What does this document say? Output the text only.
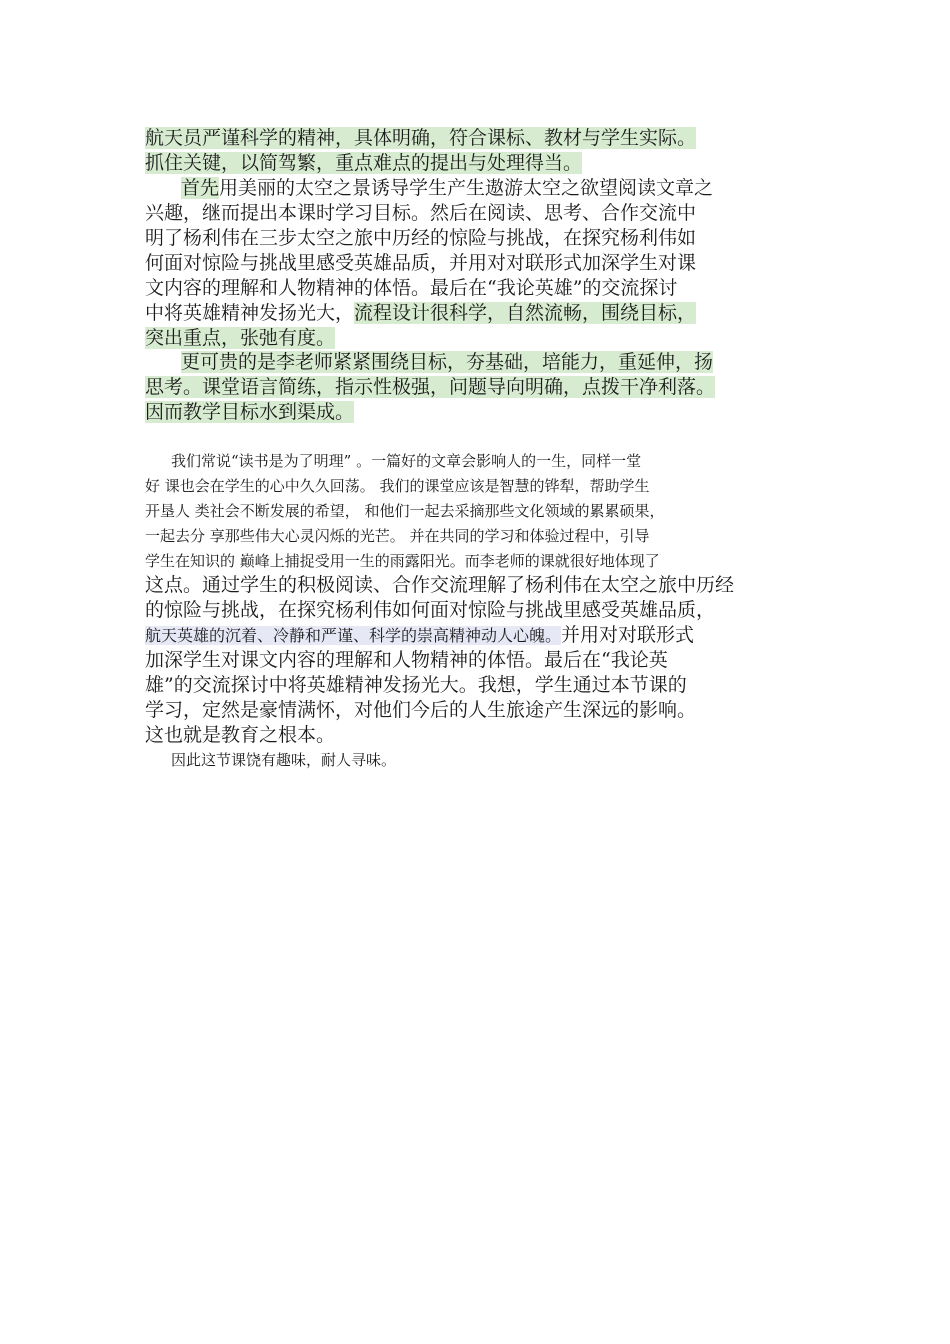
航天员严谨科学的精神，具体明确，符合课标、教材与学生实际。
抓住关键，以简驾繁，重点难点的提出与处理得当。
首先用美丽的太空之景诱导学生产生遨游太空之欲望阅读文章之
兴趣，继而提出本课时学习目标。然后在阅读、思考、合作交流中
明了杨利伟在三步太空之旅中历经的惊险与挑战，在探究杨利伟如
何面对惊险与挑战里感受英雄品质，并用对对联形式加深学生对课
文内容的理解和人物精神的体悟。最后在“我论英雄”的交流探讨
中将英雄精神发扬光大，流程设计很科学，自然流畅，围绕目标，
突出重点，张弛有度。
更可贵的是李老师紧紧围绕目标，夯基础，培能力，重延伸，扬
思考。课堂语言简练，指示性极强，问题导向明确，点拨干净利落。
因而教学目标水到渠成。
我们常说“读书是为了明理” 。一篇好的文章会影响人的一生，同样一堂
好 课也会在学生的心中久久回荡。 我们的课堂应该是智慧的铧犁，帮助学生
开垦人 类社会不断发展的希望， 和他们一起去采摘那些文化领域的累累硕果，
一起去分 享那些伟大心灵闪烁的光芒。 并在共同的学习和体验过程中，引导
学生在知识的 巅峰上捕捉受用一生的雨露阳光。而李老师的课就很好地体现了
这点。通过学生的积极阅读、合作交流理解了杨利伟在太空之旅中历经
的惊险与挑战，在探究杨利伟如何面对惊险与挑战里感受英雄品质，
航天英雄的沉着、冷静和严谨、科学的崇高精神动人心魄。并用对对联形式
加深学生对课文内容的理解和人物精神的体悟。最后在“我论英
雄”的交流探讨中将英雄精神发扬光大。我想，学生通过本节课的
学习，定然是豪情满怀，对他们今后的人生旅途产生深远的影响。
这也就是教育之根本。
因此这节课饶有趣味，耐人寻味。
